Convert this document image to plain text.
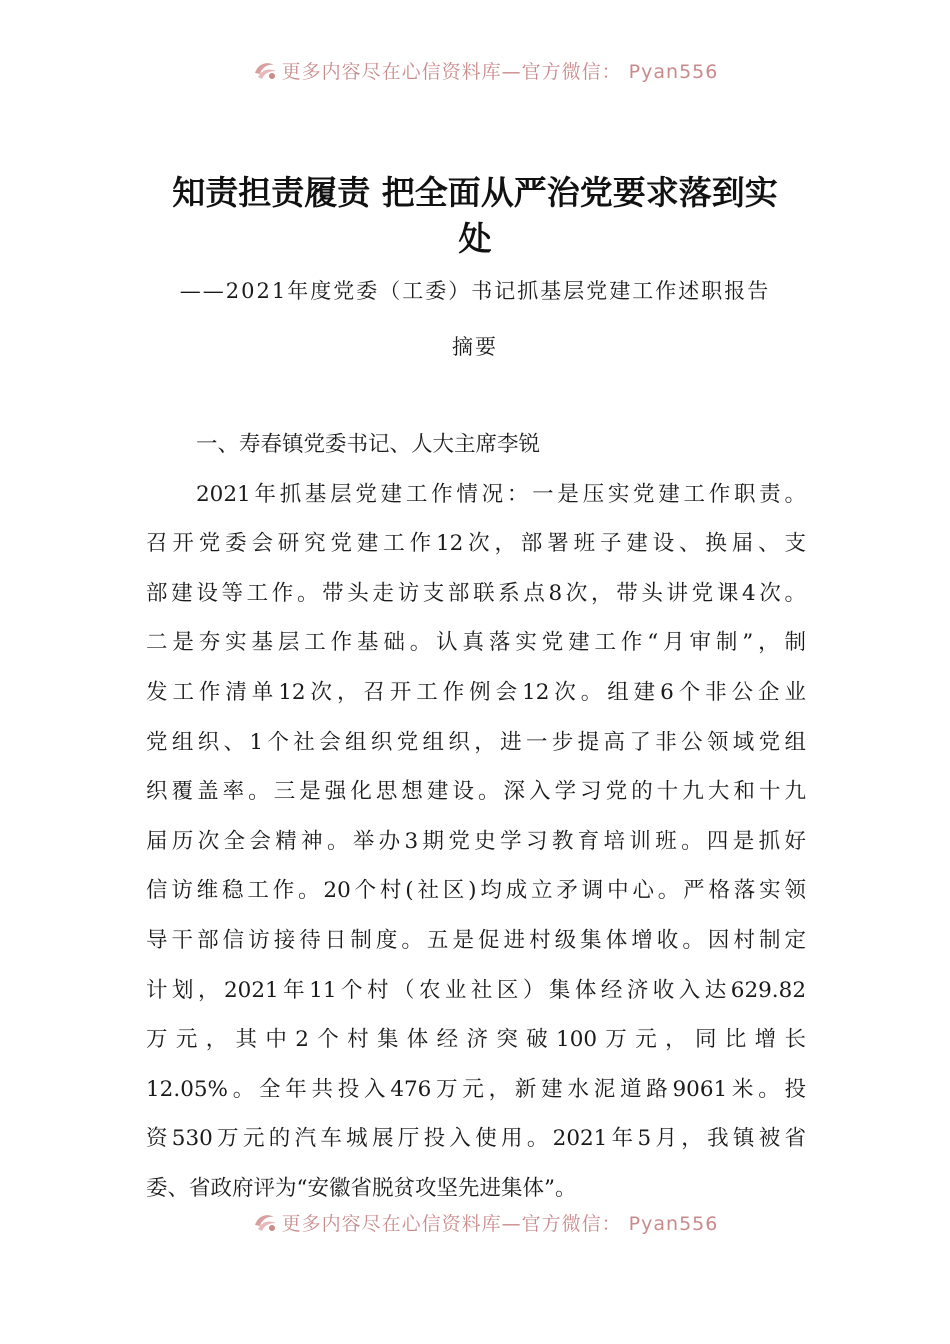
更多内容尽在心信资料库—官方微信： Pyan556
知责担责履责 把全面从严治党要求落到实
处

——2021年度党委（工委）书记抓基层党建工作述职报告

摘要

一、寿春镇党委书记、人大主席李锐
2021年抓基层党建工作情况：一是压实党建工作职责。
召开党委会研究党建工作12次，部署班子建设、换届、支
部建设等工作。带头走访支部联系点8次，带头讲党课4次。
二是夯实基层工作基础。认真落实党建工作“月审制”，制
发工作清单12次，召开工作例会12次。组建6个非公企业
党组织、1个社会组织党组织，进一步提高了非公领域党组
织覆盖率。三是强化思想建设。深入学习党的十九大和十九
届历次全会精神。举办3期党史学习教育培训班。四是抓好
信访维稳工作。20个村(社区)均成立矛调中心。严格落实领
导干部信访接待日制度。五是促进村级集体增收。因村制定
计划，2021年11个村（农业社区）集体经济收入达629.82
万元，其中2个村集体经济突破100万元，同比增长
12.05%。全年共投入476万元，新建水泥道路9061米。投
资530万元的汽车城展厅投入使用。2021年5月，我镇被省
委、省政府评为“安徽省脱贫攻坚先进集体”。
更多内容尽在心信资料库—官方微信： Pyan556
